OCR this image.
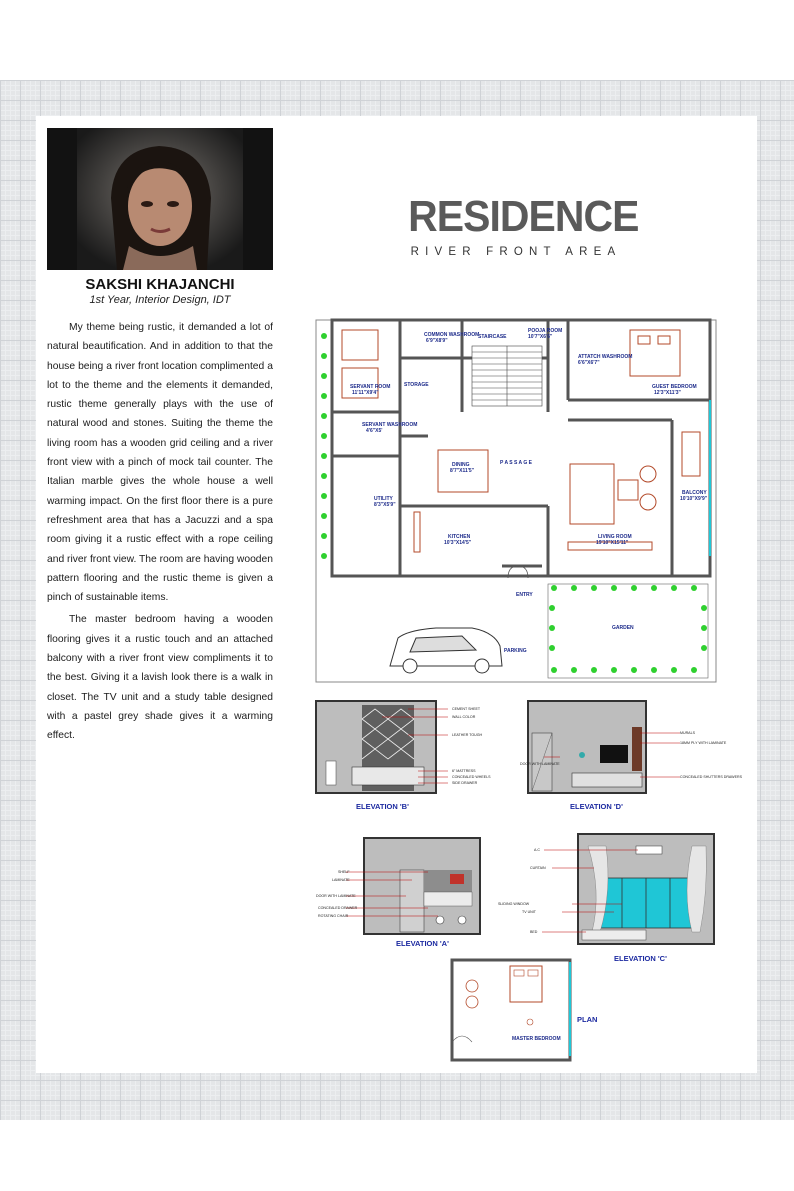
SAKSHI KHAJANCHI
1st Year, Interior Design, IDT

My theme being rustic, it demanded a lot of natural beautification. And in addition to that the house being a river front location complimented a lot to the theme and the elements it demanded, rustic theme generally plays with the use of natural wood and stones. Suiting the theme the living room has a wooden grid ceiling and a river front view with a pinch of mock tail counter. The Italian marble gives the whole house a well warming impact. On the first floor there is a pure refreshment area that has a Jacuzzi and a spa room giving it a rustic effect with a rope ceiling and river front view. The room are having wooden pattern flooring and the rustic theme is given a pinch of sustainable items.

The master bedroom having a wooden flooring gives it a rustic touch and an attached balcony with a river front view compliments it to the best. Giving it a lavish look there is a walk in closet. The TV unit and a study table designed with a pastel grey shade gives it a warming effect.

RESIDENCE
RIVER FRONT AREA
SERVANT ROOM
11'11"X9'4"
COMMON WASHROOM
6'9"X8'9"
STAIRCASE
POOJA ROOM
10'7"X6'6"
ATTATCH WASHROOM
6'6"X6'7"
GUEST BEDROOM
12'3"X11'3"
SERVANT WASHROOM
4'6"X5'
STORAGE
DINING
8'7"X11'5"
P A S S A G E
UTILITY
8'3"X5'9"
BALCONY
10'10"X9'9"
KITCHEN
10'3"X14'5"
LIVING ROOM
19'10"X15'11"
ENTRY
GARDEN
PARKING
CEMENT SHEET
WALL COLOR
LEATHER TOUGH
6" MATTRESS
CONCEALED WHEELS
SIDE DRAWER
ELEVATION 'B'
MURALS
18MM PLY WITH LAMINATE
DOOR WITH LAMINATE
CONCEALED SHUTTERS DRAWERS
ELEVATION 'D'
SHELF
LAMINATE
DOOR WITH LAMINATE
CONCEALED DRAWER
ROTATING CHAIR
ELEVATION 'A'
A.C
CURTAIN
SLIDING WINDOW
TV UNIT
BED
ELEVATION 'C'
MASTER BEDROOM
PLAN
